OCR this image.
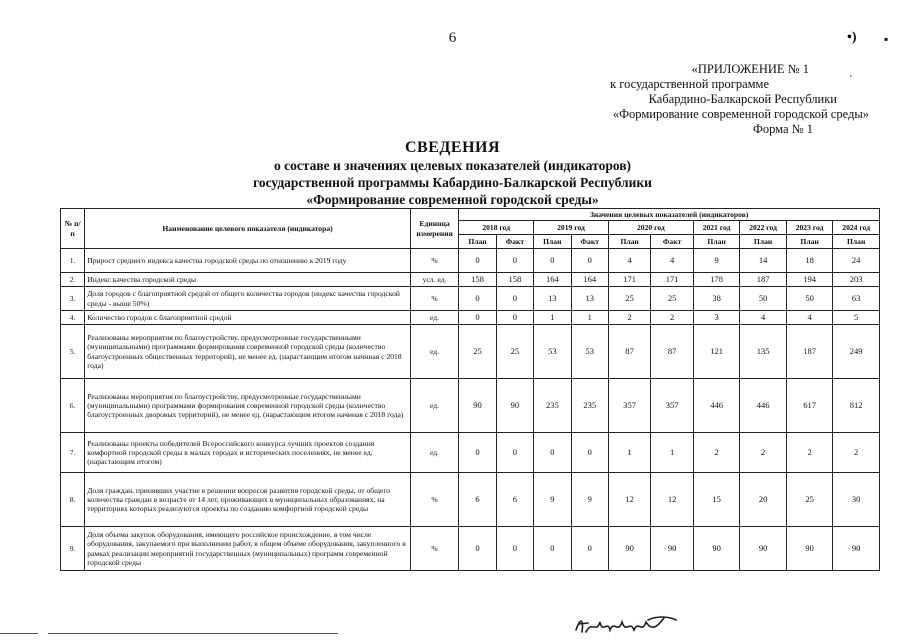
6	•) ▪
'
«ПРИЛОЖЕНИЕ № 1
к государственной программе
Кабардино-Балкарской Республики
«Формирование современной городской среды»
Форма № 1
СВЕДЕНИЯ
о составе и значениях целевых показателей (индикаторов)
государственной программы Кабардино-Балкарской Республики
«Формирование современной городской среды»
№ п/п	Наименование целевого показателя (индикатора)	Единица измерения	Значения целевых показателей (индикаторов)									
			2018 год		2019 год		2020 год		2021 год	2022 год	2023 год	2024 год
			План	Факт	План	Факт	План	Факт	План	План	План	План
1.	Прирост среднего индекса качества городской среды по отношению к 2019 году	%	0	0	0	0	4	4	9	14	18	24
2.	Индекс качества городской среды	усл. ед.	158	158	164	164	171	171	178	187	194	203
3.	Доля городов с благоприятной средой от общего количества городов (индекс качества городской среды - выше 50%)	%	0	0	13	13	25	25	38	50	50	63
4.	Количество городов с благоприятной средой	ед.	0	0	1	1	2	2	3	4	4	5
5.	Реализованы мероприятия по благоустройству, предусмотренные государственными (муниципальными) программами формирования современной городской среды (количество благоустроенных общественных территорий), не менее ед. (нарастающим итогом начиная с 2018 года)	ед.	25	25	53	53	87	87	121	135	187	249
6.	Реализованы мероприятия по благоустройству, предусмотренные государственными (муниципальными) программами формирования современной городской среды (количество благоустроенных дворовых территорий), не менее ед. (нарастающим итогом начиная с 2018 года)	ед.	90	90	235	235	357	357	446	446	617	812
7.	Реализованы проекты победителей Всероссийского конкурса лучших проектов создания комфортной городской среды в малых городах и исторических поселениях, не менее ед. (нарастающим итогом)	ед.	0	0	0	0	1	1	2	2	2	2
8.	Доля граждан, принявших участие в решении вопросов развития городской среды, от общего количества граждан в возрасте от 14 лет, проживающих в муниципальных образованиях, на территориях которых реализуются проекты по созданию комфортной городской среды	%	6	6	9	9	12	12	15	20	25	30
9.	Доля объема закупок оборудования, имеющего российское происхождение, в том числе оборудования, закупаемого при выполнении работ, в общем объеме оборудования, закупленного в рамках реализации мероприятий государственных (муниципальных) программ современной городской среды	%	0	0	0	0	90	90	90	90	90	90
